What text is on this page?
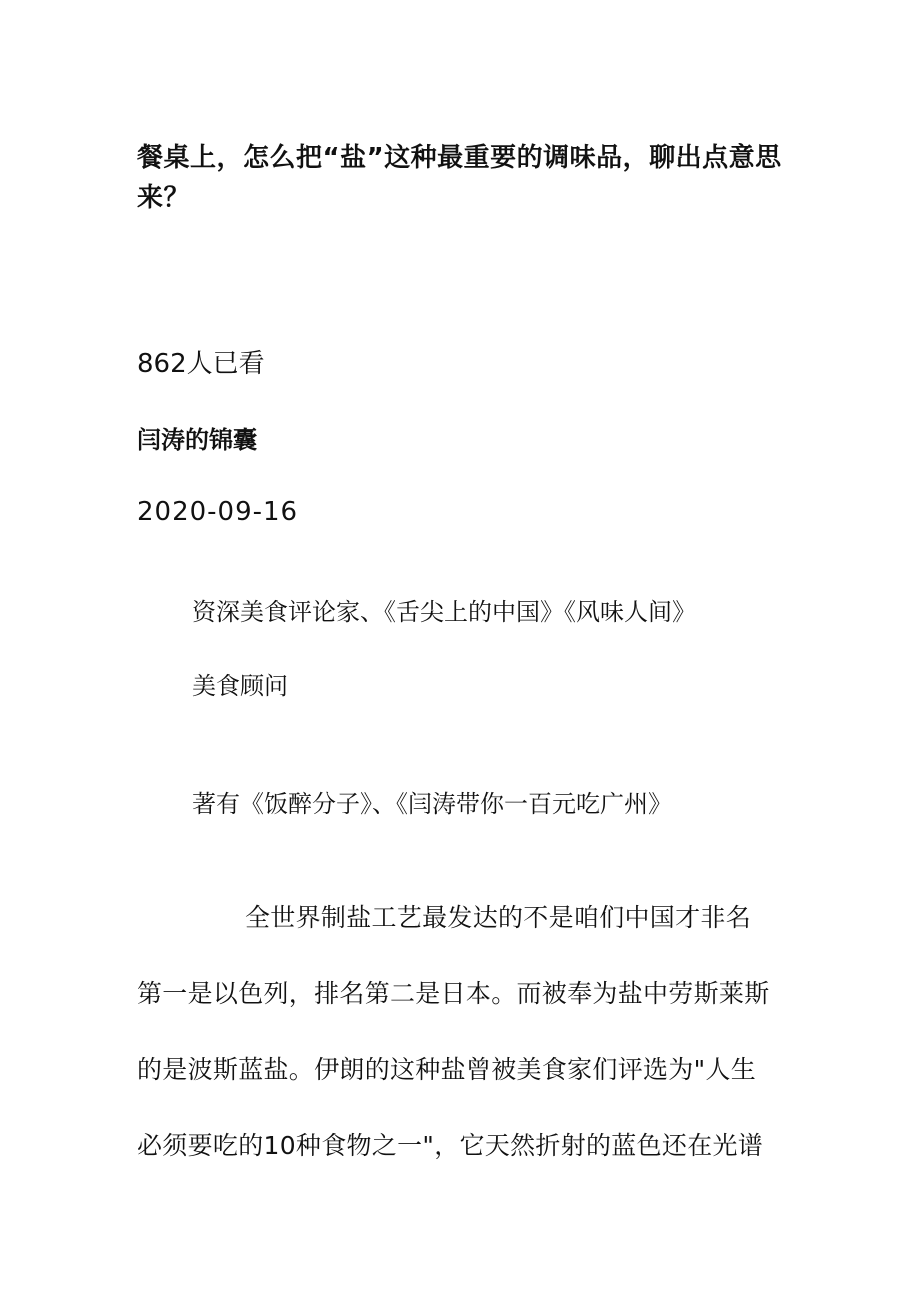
餐桌上，怎么把“盐”这种最重要的调味品，聊出点意思来？

862人已看

闫涛的锦囊

2020-09-16

资深美食评论家、《舌尖上的中国》《风味人间》

美食顾问

著有《饭醉分子》、《闫涛带你一百元吃广州》

全世界制盐工艺最发达的不是咱们中国才非名
第一是以色列，排名第二是日本。而被奉为盐中劳斯莱斯
的是波斯蓝盐。伊朗的这种盐曾被美食家们评选为"人生
必须要吃的10种食物之一"，它天然折射的蓝色还在光谱
